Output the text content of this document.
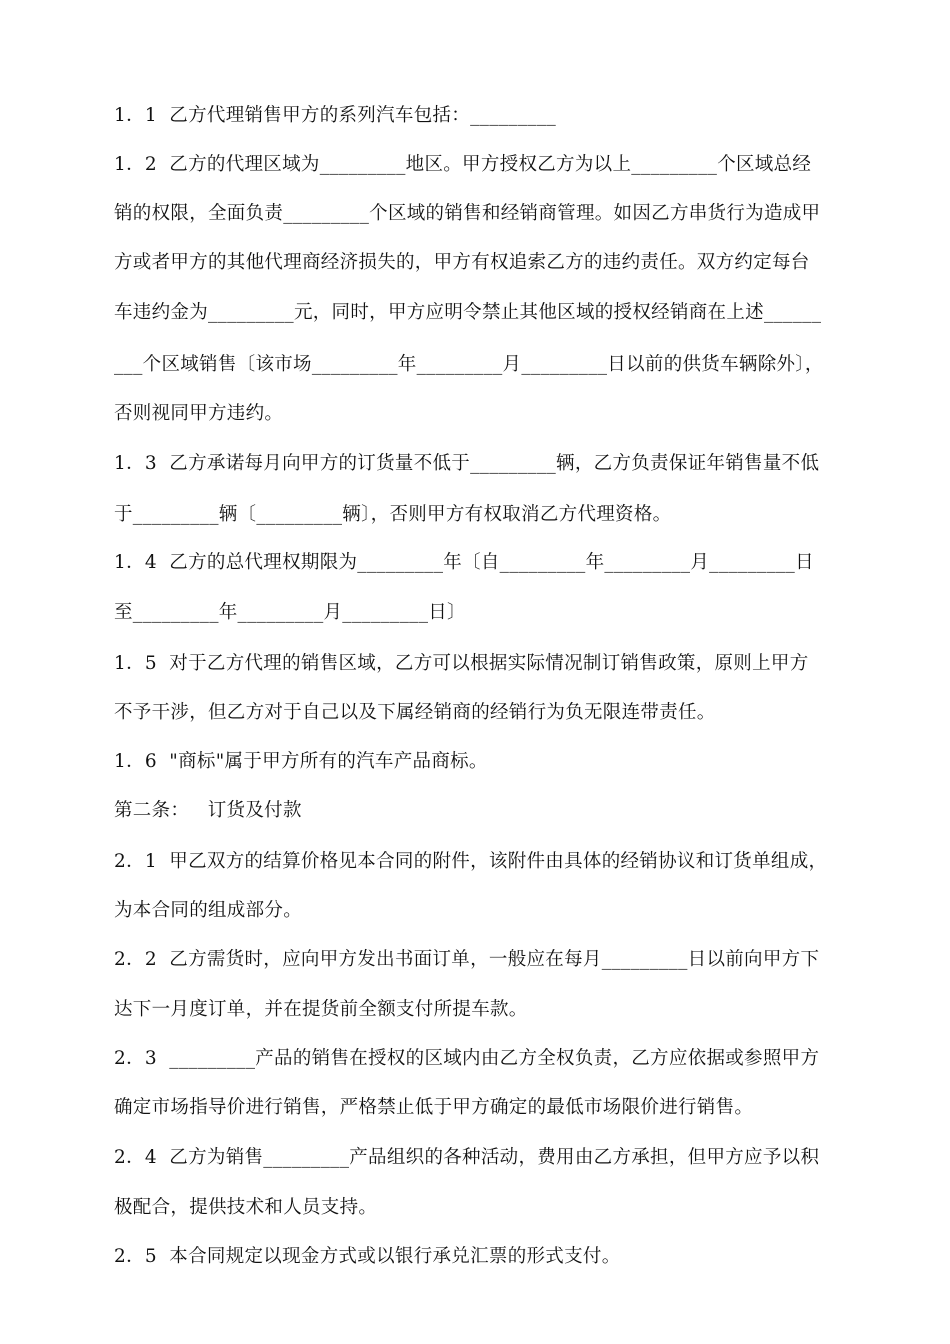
1．1  乙方代理销售甲方的系列汽车包括：_________
1．2  乙方的代理区域为_________地区。甲方授权乙方为以上_________个区域总经
销的权限，全面负责_________个区域的销售和经销商管理。如因乙方串货行为造成甲
方或者甲方的其他代理商经济损失的，甲方有权追索乙方的违约责任。双方约定每台
车违约金为_________元，同时，甲方应明令禁止其他区域的授权经销商在上述______
___个区域销售〔该市场_________年_________月_________日以前的供货车辆除外〕，
否则视同甲方违约。
1．3  乙方承诺每月向甲方的订货量不低于_________辆，乙方负责保证年销售量不低
于_________辆〔_________辆〕，否则甲方有权取消乙方代理资格。
1．4  乙方的总代理权期限为_________年〔自_________年_________月_________日
至_________年_________月_________日〕
1．5  对于乙方代理的销售区域，乙方可以根据实际情况制订销售政策，原则上甲方
不予干涉，但乙方对于自己以及下属经销商的经销行为负无限连带责任。
1．6  "商标"属于甲方所有的汽车产品商标。
第二条：   订货及付款
2．1  甲乙双方的结算价格见本合同的附件，该附件由具体的经销协议和订货单组成，
为本合同的组成部分。
2．2  乙方需货时，应向甲方发出书面订单，一般应在每月_________日以前向甲方下
达下一月度订单，并在提货前全额支付所提车款。
2．3  _________产品的销售在授权的区域内由乙方全权负责，乙方应依据或参照甲方
确定市场指导价进行销售，严格禁止低于甲方确定的最低市场限价进行销售。
2．4  乙方为销售_________产品组织的各种活动，费用由乙方承担，但甲方应予以积
极配合，提供技术和人员支持。
2．5  本合同规定以现金方式或以银行承兑汇票的形式支付。
